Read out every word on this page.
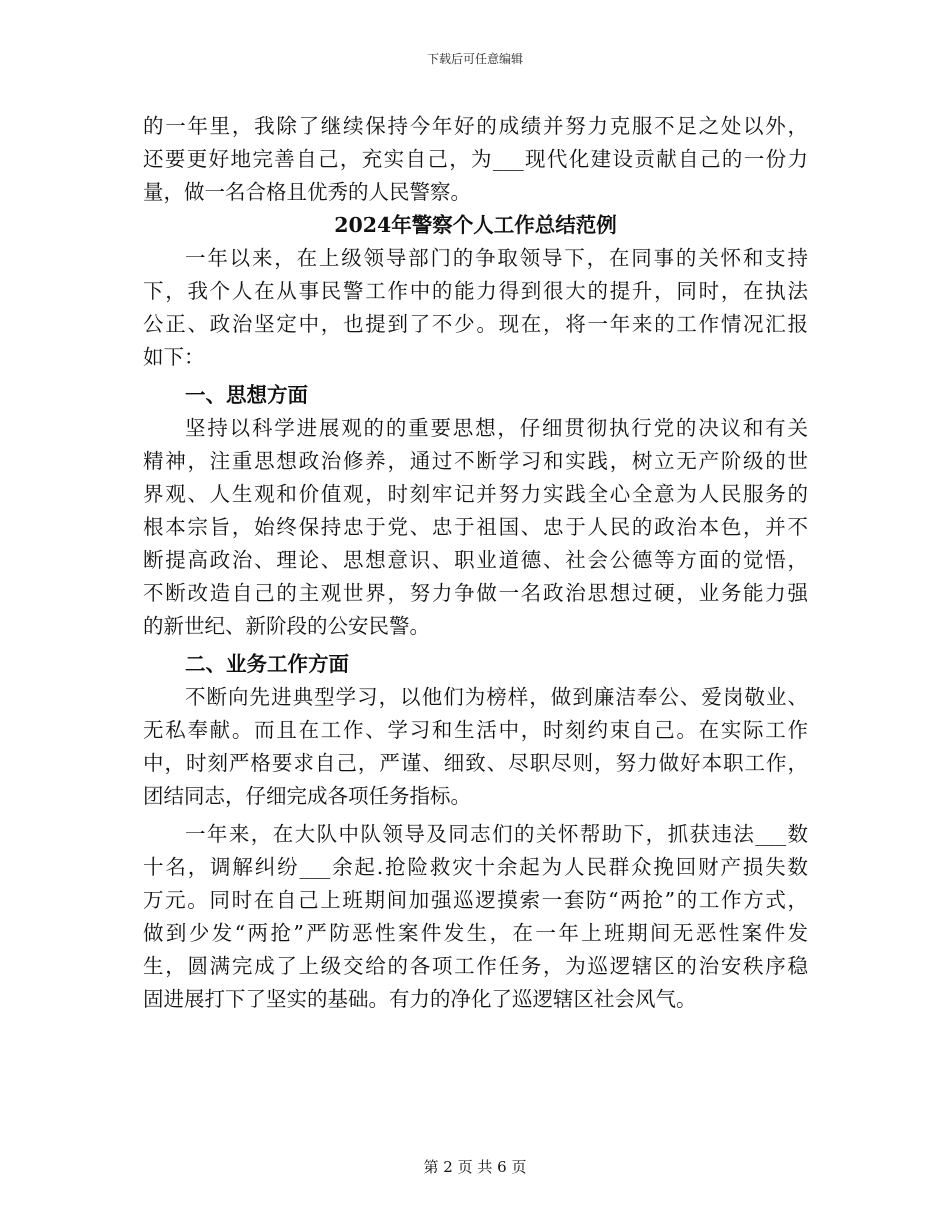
下载后可任意编辑
的一年里，我除了继续保持今年好的成绩并努力克服不足之处以外，
还要更好地完善自己，充实自己，为___现代化建设贡献自己的一份力
量，做一名合格且优秀的人民警察。
2024年警察个人工作总结范例
一年以来，在上级领导部门的争取领导下，在同事的关怀和支持
下，我个人在从事民警工作中的能力得到很大的提升，同时，在执法
公正、政治坚定中，也提到了不少。现在，将一年来的工作情况汇报
如下：
一、思想方面
坚持以科学进展观的的重要思想，仔细贯彻执行党的决议和有关
精神，注重思想政治修养，通过不断学习和实践，树立无产阶级的世
界观、人生观和价值观，时刻牢记并努力实践全心全意为人民服务的
根本宗旨，始终保持忠于党、忠于祖国、忠于人民的政治本色，并不
断提高政治、理论、思想意识、职业道德、社会公德等方面的觉悟，
不断改造自己的主观世界，努力争做一名政治思想过硬，业务能力强
的新世纪、新阶段的公安民警。
二、业务工作方面
不断向先进典型学习，以他们为榜样，做到廉洁奉公、爱岗敬业、
无私奉献。而且在工作、学习和生活中，时刻约束自己。在实际工作
中，时刻严格要求自己，严谨、细致、尽职尽则，努力做好本职工作，
团结同志，仔细完成各项任务指标。
一年来，在大队中队领导及同志们的关怀帮助下，抓获违法___数
十名，调解纠纷___余起.抢险救灾十余起为人民群众挽回财产损失数
万元。同时在自己上班期间加强巡逻摸索一套防“两抢”的工作方式，
做到少发“两抢”严防恶性案件发生，在一年上班期间无恶性案件发
生，圆满完成了上级交给的各项工作任务，为巡逻辖区的治安秩序稳
固进展打下了坚实的基础。有力的净化了巡逻辖区社会风气。
第 2 页 共 6 页
